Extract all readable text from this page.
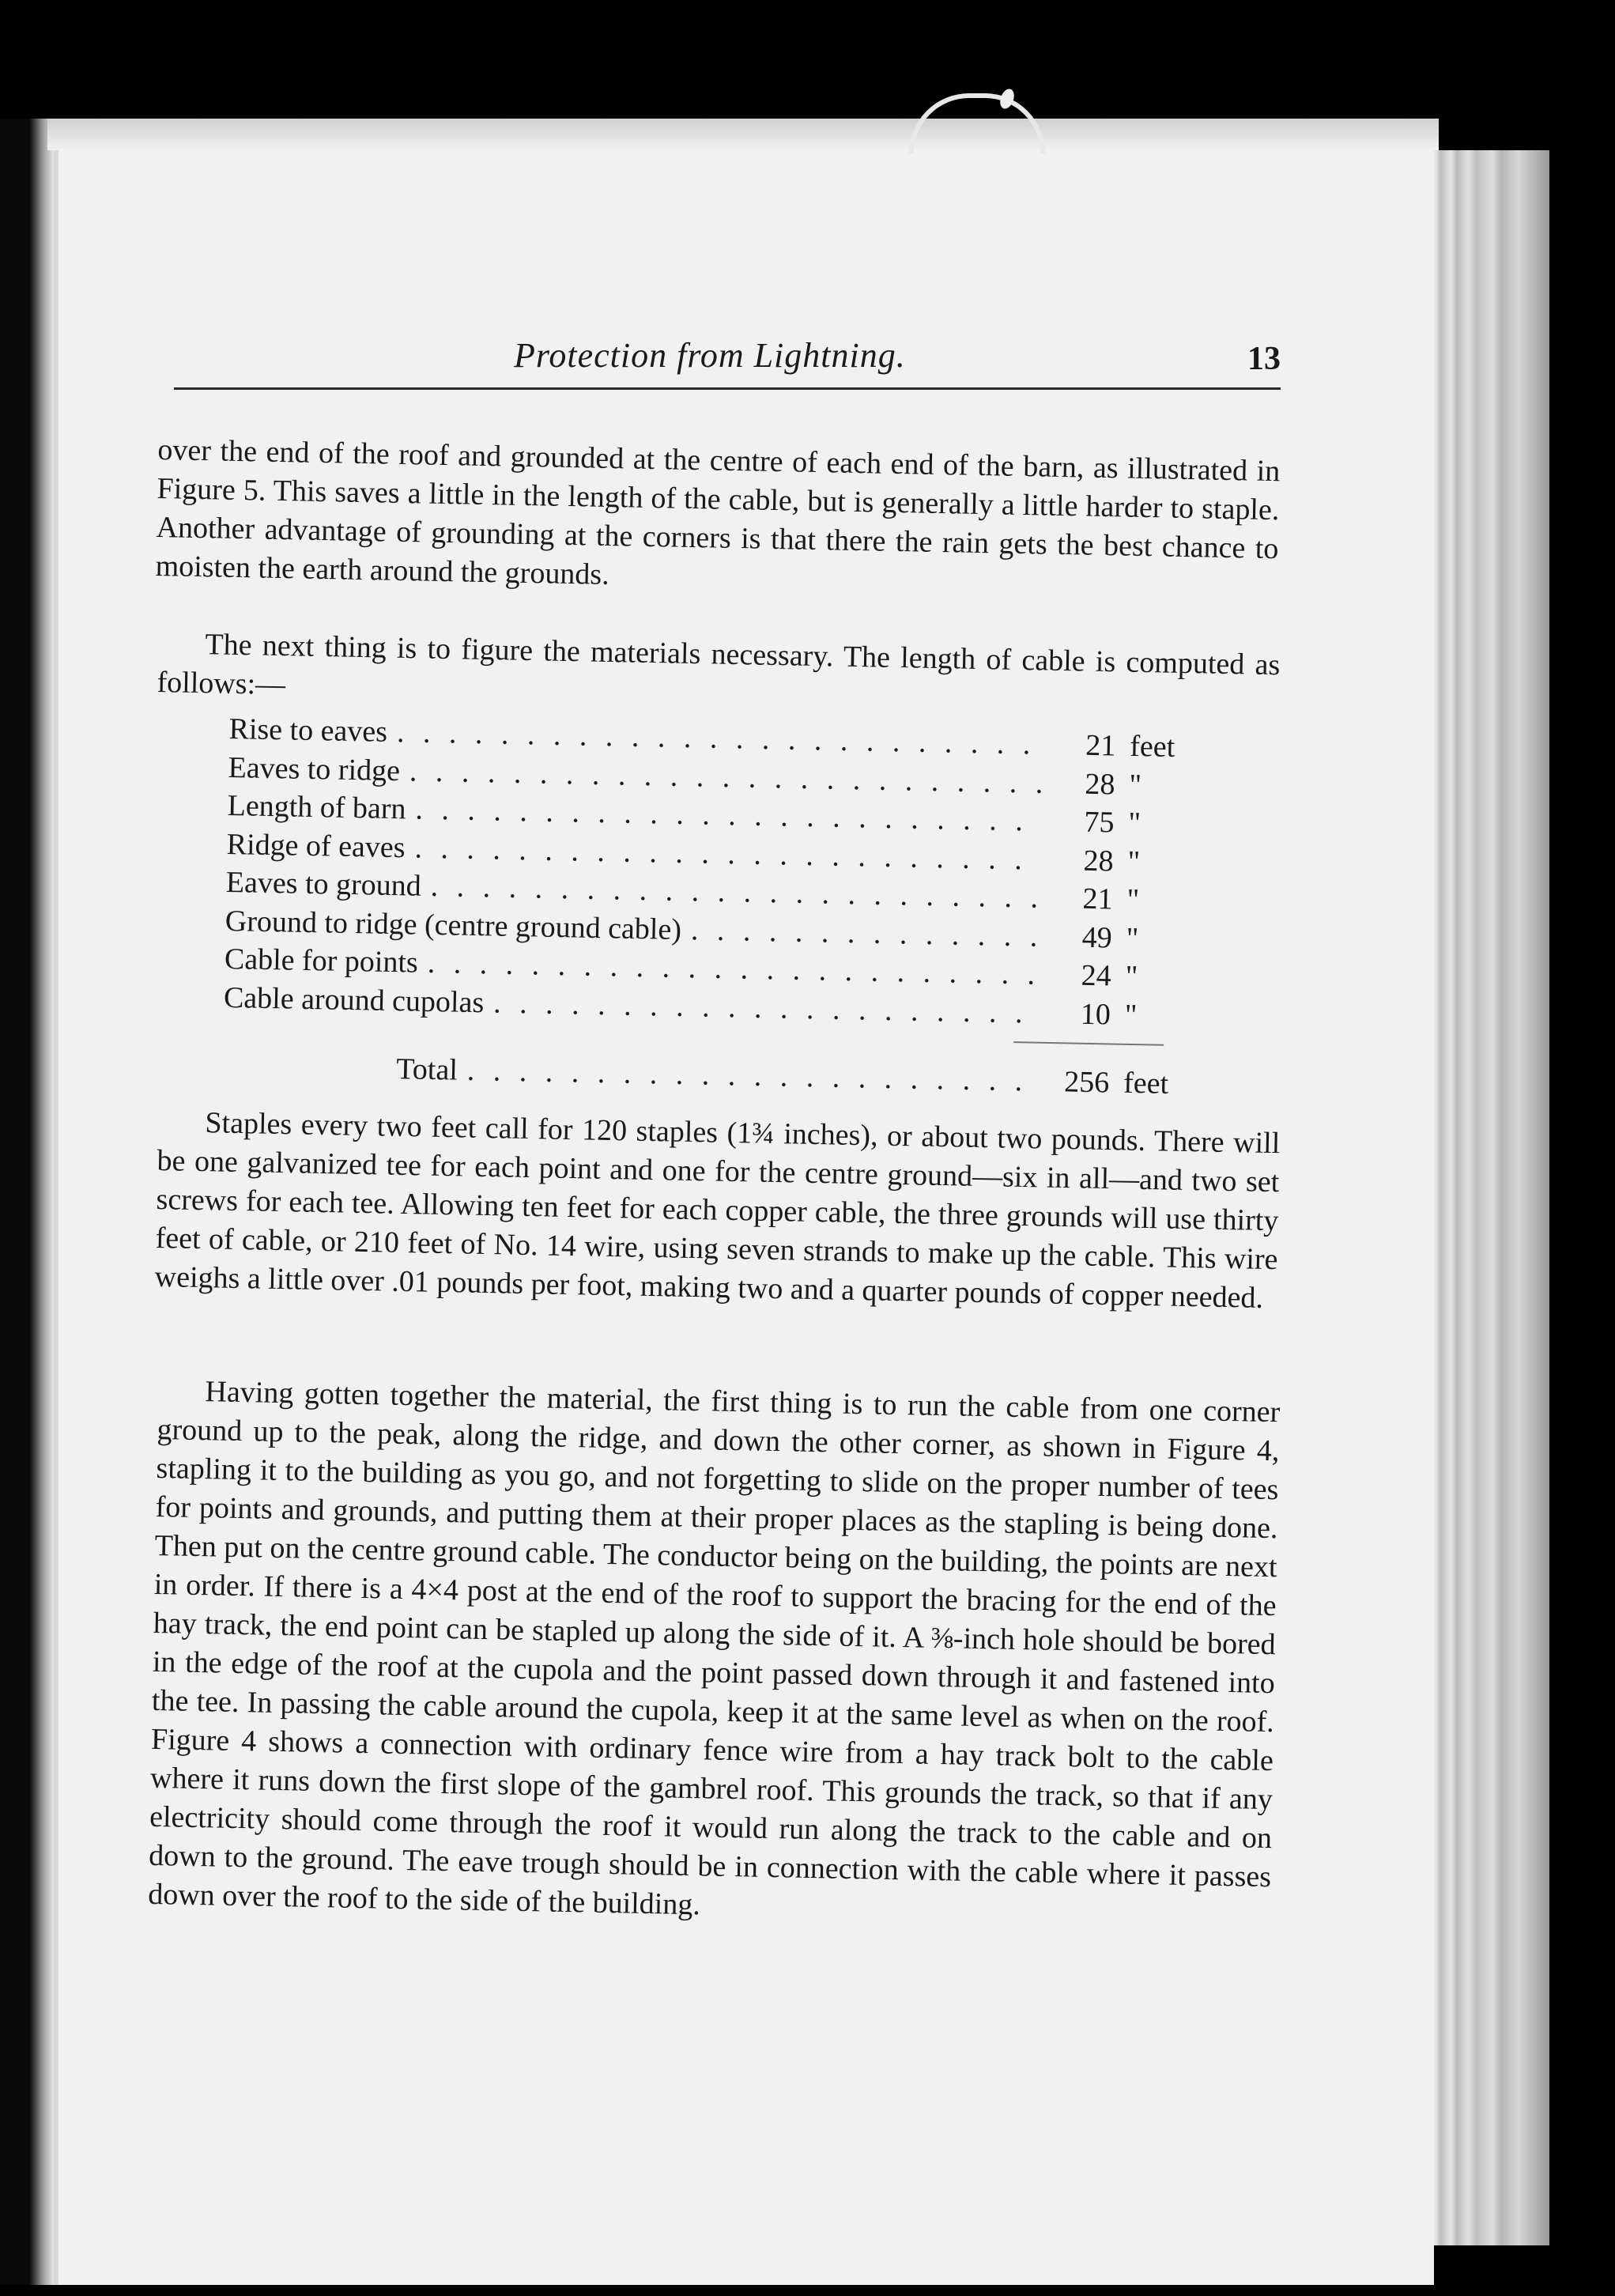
Protection from Lightning.	13

over the end of the roof and grounded at the centre of each end of the barn, as illustrated in Figure 5. This saves a little in the length of the cable, but is generally a little harder to staple. Another advantage of grounding at the corners is that there the rain gets the best chance to moisten the earth around the grounds.

The next thing is to figure the materials necessary. The length of cable is computed as follows:—

Rise to eaves . . .	21 feet
Eaves to ridge . . .	28 "
Length of barn . . .	75 "
Ridge of eaves . . .	28 "
Eaves to ground . . .	21 "
Ground to ridge (centre ground cable) . . .	49 "
Cable for points . . .	24 "
Cable around cupolas . . .	10 "
Total . . .	256 feet

Staples every two feet call for 120 staples (1¾ inches), or about two pounds. There will be one galvanized tee for each point and one for the centre ground—six in all—and two set screws for each tee. Allowing ten feet for each copper cable, the three grounds will use thirty feet of cable, or 210 feet of No. 14 wire, using seven strands to make up the cable. This wire weighs a little over .01 pounds per foot, making two and a quarter pounds of copper needed.

Having gotten together the material, the first thing is to run the cable from one corner ground up to the peak, along the ridge, and down the other corner, as shown in Figure 4, stapling it to the building as you go, and not forgetting to slide on the proper number of tees for points and grounds, and putting them at their proper places as the stapling is being done. Then put on the centre ground cable. The conductor being on the building, the points are next in order. If there is a 4×4 post at the end of the roof to support the bracing for the end of the hay track, the end point can be stapled up along the side of it. A ⅜-inch hole should be bored in the edge of the roof at the cupola and the point passed down through it and fastened into the tee. In passing the cable around the cupola, keep it at the same level as when on the roof. Figure 4 shows a connection with ordinary fence wire from a hay track bolt to the cable where it runs down the first slope of the gambrel roof. This grounds the track, so that if any electricity should come through the roof it would run along the track to the cable and on down to the ground. The eave trough should be in connection with the cable where it passes down over the roof to the side of the building.
